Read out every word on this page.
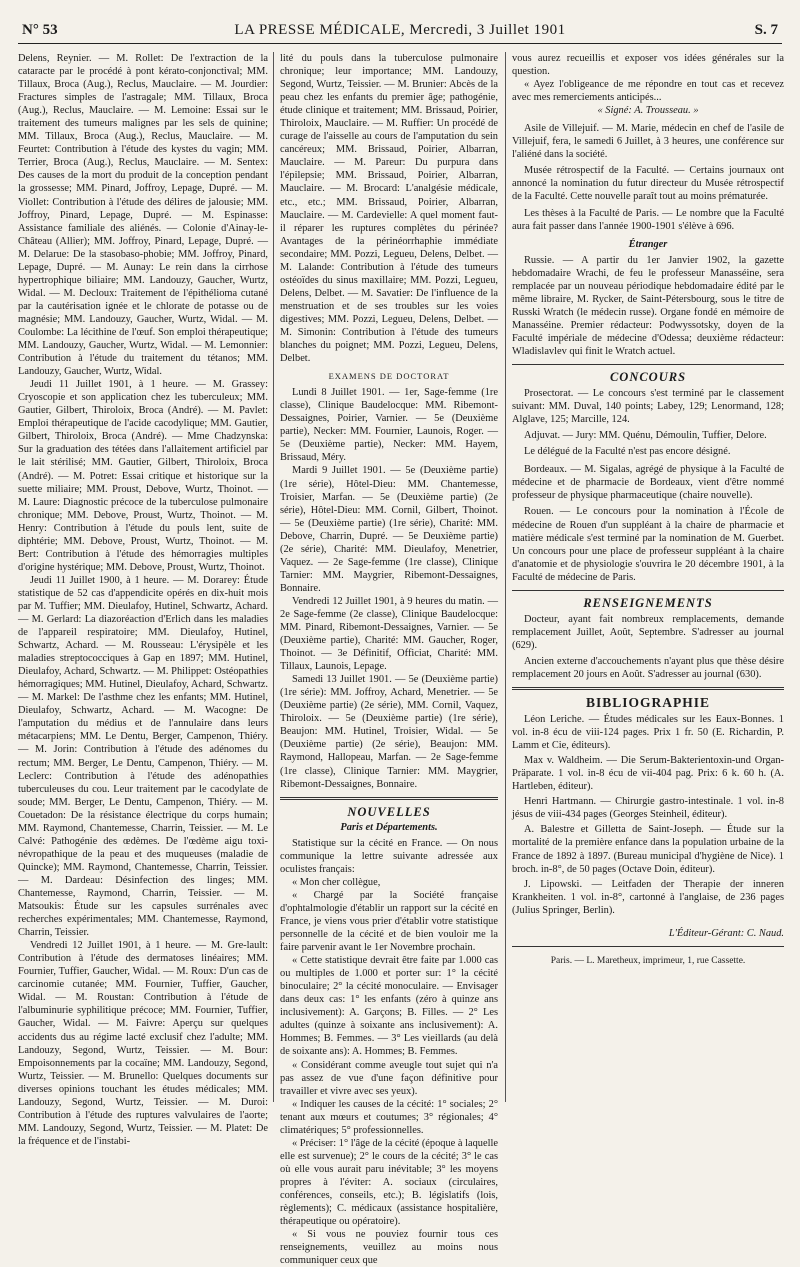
N° 53	LA PRESSE MÉDICALE, Mercredi, 3 Juillet 1901	S. 7

Delens, Reynier. — M. Rollet: De l'extraction de la cataracte par le procédé à pont kérato-conjonctival; MM. Tillaux, Broca (Aug.), Reclus, Mauclaire. — M. Jourdier: Fractures simples de l'astragale; MM. Tillaux, Broca (Aug.), Reclus, Mauclaire. — M. Lemoine: Essai sur le traitement des tumeurs malignes par les sels de quinine; MM. Tillaux, Broca (Aug.), Reclus, Mauclaire. — M. Feurtet: Contribution à l'étude des kystes du vagin; MM. Terrier, Broca (Aug.), Reclus, Mauclaire. — M. Sentex: Des causes de la mort du produit de la conception pendant la grossesse; MM. Pinard, Joffroy, Lepage, Dupré. — M. Viollet: Contribution à l'étude des délires de jalousie; MM. Joffroy, Pinard, Lepage, Dupré. — M. Espinasse: Assistance familiale des aliénés. — Colonie d'Ainay-le-Château (Allier); MM. Joffroy, Pinard, Lepage, Dupré. — M. Delarue: De la stasobaso-phobie; MM. Joffroy, Pinard, Lepage, Dupré. — M. Aunay: Le rein dans la cirrhose hypertrophique biliaire; MM. Landouzy, Gaucher, Wurtz, Widal. — M. Decloux: Traitement de l'épithélioma cutané par la cautérisation ignée et le chlorate de potasse ou de magnésie; MM. Landouzy, Gaucher, Wurtz, Widal. — M. Coulombe: La lécithine de l'œuf. Son emploi thérapeutique; MM. Landouzy, Gaucher, Wurtz, Widal. — M. Lemonnier: Contribution à l'étude du traitement du tétanos; MM. Landouzy, Gaucher, Wurtz, Widal.

Jeudi 11 Juillet 1901, à 1 heure. — M. Grassey: Cryoscopie et son application chez les tuberculeux; MM. Gautier, Gilbert, Thiroloix, Broca (André). — M. Pavlet: Emploi thérapeutique de l'acide cacodylique; MM. Gautier, Gilbert, Thiroloix, Broca (André). — Mme Chadzynska: Sur la graduation des tétées dans l'allaitement artificiel par le lait stérilisé; MM. Gautier, Gilbert, Thiroloix, Broca (André). — M. Potret: Essai critique et historique sur la suette miliaire; MM. Proust, Debove, Wurtz, Thoinot. — M. Laure: Diagnostic précoce de la tuberculose pulmonaire chronique; MM. Debove, Proust, Wurtz, Thoinot. — M. Henry: Contribution à l'étude du pouls lent, suite de diphtérie; MM. Debove, Proust, Wurtz, Thoinot. — M. Bert: Contribution à l'étude des hémorragies multiples d'origine hystérique; MM. Debove, Proust, Wurtz, Thoinot.

Jeudi 11 Juillet 1900, à 1 heure. — M. Dorarey: Étude statistique de 52 cas d'appendicite opérés en dix-huit mois par M. Tuffier; MM. Dieulafoy, Hutinel, Schwartz, Achard. — M. Gerlard: La diazoréaction d'Erlich dans les maladies de l'appareil respiratoire; MM. Dieulafoy, Hutinel, Schwartz, Achard. — M. Rousseau: L'érysipèle et les maladies streptococciques à Gap en 1897; MM. Hutinel, Dieulafoy, Achard, Schwartz. — M. Philippet: Ostéopathies hémorragiques; MM. Hutinel, Dieulafoy, Achard, Schwartz. — M. Markel: De l'asthme chez les enfants; MM. Hutinel, Dieulafoy, Schwartz, Achard. — M. Wacogne: De l'amputation du médius et de l'annulaire dans leurs métacarpiens; MM. Le Dentu, Berger, Campenon, Thiéry. — M. Jorin: Contribution à l'étude des adénomes du rectum; MM. Berger, Le Dentu, Campenon, Thiéry. — M. Leclerc: Contribution à l'étude des adénopathies tuberculeuses du cou. Leur traitement par le cacodylate de soude; MM. Berger, Le Dentu, Campenon, Thiéry. — M. Couetadon: De la résistance électrique du corps humain; MM. Raymond, Chantemesse, Charrin, Teissier. — M. Le Calvé: Pathogénie des œdèmes. De l'œdème aigu toxi-névropathique de la peau et des muqueuses (maladie de Quincke); MM. Raymond, Chantemesse, Charrin, Teissier. — M. Dardeau: Désinfection des linges; MM. Chantemesse, Raymond, Charrin, Teissier. — M. Matsoukis: Étude sur les capsules surrénales avec recherches expérimentales; MM. Chantemesse, Raymond, Charrin, Teissier.

Vendredi 12 Juillet 1901, à 1 heure. — M. Gre-lault: Contribution à l'étude des dermatoses linéaires; MM. Fournier, Tuffier, Gaucher, Widal. — M. Roux: D'un cas de carcinomie cutanée; MM. Fournier, Tuffier, Gaucher, Widal. — M. Roustan: Contribution à l'étude de l'albuminurie syphilitique précoce; MM. Fournier, Tuffier, Gaucher, Widal. — M. Faivre: Aperçu sur quelques accidents dus au régime lacté exclusif chez l'adulte; MM. Landouzy, Segond, Wurtz, Teissier. — M. Bour: Empoisonnements par la cocaïne; MM. Landouzy, Segond, Wurtz, Teissier. — M. Brunello: Quelques documents sur diverses opinions touchant les études médicales; MM. Landouzy, Segond, Wurtz, Teissier. — M. Duroi: Contribution à l'étude des ruptures valvulaires de l'aorte; MM. Landouzy, Segond, Wurtz, Teissier. — M. Platet: De la fréquence et de l'instabi-

lité du pouls dans la tuberculose pulmonaire chronique; leur importance; MM. Landouzy, Segond, Wurtz, Teissier. — M. Brunier: Abcès de la peau chez les enfants du premier âge; pathogénie, étude clinique et traitement; MM. Brissaud, Poirier, Thiroloix, Mauclaire. — M. Ruffier: Un procédé de curage de l'aisselle au cours de l'amputation du sein cancéreux; MM. Brissaud, Poirier, Albarran, Mauclaire. — M. Pareur: Du purpura dans l'épilepsie; MM. Brissaud, Poirier, Albarran, Mauclaire. — M. Brocard: L'analgésie médicale, etc., etc.; MM. Brissaud, Poirier, Albarran, Mauclaire. — M. Cardevielle: A quel moment faut-il réparer les ruptures complètes du périnée? Avantages de la périnéorrhaphie immédiate secondaire; MM. Pozzi, Legueu, Delens, Delbet. — M. Lalande: Contribution à l'étude des tumeurs ostéoïdes du sinus maxillaire; MM. Pozzi, Legueu, Delens, Delbet. — M. Savatier: De l'influence de la menstruation et de ses troubles sur les voies digestives; MM. Pozzi, Legueu, Delens, Delbet. — M. Simonin: Contribution à l'étude des tumeurs blanches du poignet; MM. Pozzi, Legueu, Delens, Delbet.

EXAMENS DE DOCTORAT

Lundi 8 Juillet 1901. — 1er, Sage-femme (1re classe), Clinique Baudelocque: MM. Ribemont-Dessaignes, Poirier, Varnier. — 5e (Deuxième partie), Necker: MM. Fournier, Launois, Roger. — 5e (Deuxième partie), Necker: MM. Hayem, Brissaud, Méry.

Mardi 9 Juillet 1901. — 5e (Deuxième partie) (1re série), Hôtel-Dieu: MM. Chantemesse, Troisier, Marfan. — 5e (Deuxième partie) (2e série), Hôtel-Dieu: MM. Cornil, Gilbert, Thoinot. — 5e (Deuxième partie) (1re série), Charité: MM. Debove, Charrin, Dupré. — 5e Deuxième partie) (2e série), Charité: MM. Dieulafoy, Menetrier, Vaquez. — 2e Sage-femme (1re classe), Clinique Tarnier: MM. Maygrier, Ribemont-Dessaignes, Bonnaire.

Vendredi 12 Juillet 1901, à 9 heures du matin. — 2e Sage-femme (2e classe), Clinique Baudelocque: MM. Pinard, Ribemont-Dessaignes, Varnier. — 5e (Deuxième partie), Charité: MM. Gaucher, Roger, Thoinot. — 3e Définitif, Officiat, Charité: MM. Tillaux, Launois, Lepage.

Samedi 13 Juillet 1901. — 5e (Deuxième partie) (1re série): MM. Joffroy, Achard, Menetrier. — 5e (Deuxième partie) (2e série), MM. Cornil, Vaquez, Thiroloix. — 5e (Deuxième partie) (1re série), Beaujon: MM. Hutinel, Troisier, Widal. — 5e (Deuxième partie) (2e série), Beaujon: MM. Raymond, Hallopeau, Marfan. — 2e Sage-femme (1re classe), Clinique Tarnier: MM. Maygrier, Ribemont-Dessaignes, Bonnaire.

NOUVELLES
Paris et Départements.

Statistique sur la cécité en France. — On nous communique la lettre suivante adressée aux oculistes français:

« Mon cher collègue,

« Chargé par la Société française d'ophtalmologie d'établir un rapport sur la cécité en France, je viens vous prier d'établir votre statistique personnelle de la cécité et de bien vouloir me la faire parvenir avant le 1er Novembre prochain.

« Cette statistique devrait être faite par 1.000 cas ou multiples de 1.000 et porter sur: 1° la cécité binoculaire; 2° la cécité monoculaire. — Envisager dans deux cas: 1° les enfants (zéro à quinze ans inclusivement): A. Garçons; B. Filles. — 2° Les adultes (quinze à soixante ans inclusivement): A. Hommes; B. Femmes. — 3° Les vieillards (au delà de soixante ans): A. Hommes; B. Femmes.

« Considérant comme aveugle tout sujet qui n'a pas assez de vue d'une façon définitive pour travailler et vivre avec ses yeux).

« Indiquer les causes de la cécité: 1° sociales; 2° tenant aux mœurs et coutumes; 3° régionales; 4° climatériques; 5° professionnelles.

« Préciser: 1° l'âge de la cécité (époque à laquelle elle est survenue); 2° le cours de la cécité; 3° le cas où elle vous aurait paru inévitable; 3° les moyens propres à l'éviter: A. sociaux (circulaires, conférences, conseils, etc.); B. législatifs (lois, règlements); C. médicaux (assistance hospitalière, thérapeutique ou opératoire).

« Si vous ne pouviez fournir tous ces renseignements, veuillez au moins nous communiquer ceux que

vous aurez recueillis et exposer vos idées générales sur la question.

« Ayez l'obligeance de me répondre en tout cas et recevez avec mes remerciements anticipés...

« Signé: A. Trousseau. »

Asile de Villejuif. — M. Marie, médecin en chef de l'asile de Villejuif, fera, le samedi 6 Juillet, à 3 heures, une conférence sur l'aliéné dans la société.

Musée rétrospectif de la Faculté. — Certains journaux ont annoncé la nomination du futur directeur du Musée rétrospectif de la Faculté. Cette nouvelle paraît tout au moins prématurée.

Les thèses à la Faculté de Paris. — Le nombre que la Faculté aura fait passer dans l'année 1900-1901 s'élève à 696.

Étranger

Russie. — A partir du 1er Janvier 1902, la gazette hebdomadaire Wrachi, de feu le professeur Manasséine, sera remplacée par un nouveau périodique hebdomadaire édité par le même libraire, M. Rycker, de Saint-Pétersbourg, sous le titre de Russki Wratch (le médecin russe). Organe fondé en mémoire de Manasséine. Premier rédacteur: Podwyssotsky, doyen de la Faculté impériale de médecine d'Odessa; deuxième rédacteur: Wladislavlev qui finit le Wratch actuel.

CONCOURS

Prosectorat. — Le concours s'est terminé par le classement suivant: MM. Duval, 140 points; Labey, 129; Lenormand, 128; Alglave, 125; Marcille, 124.

Adjuvat. — Jury: MM. Quénu, Démoulin, Tuffier, Delore.

Le délégué de la Faculté n'est pas encore désigné.

Bordeaux. — M. Sigalas, agrégé de physique à la Faculté de médecine et de pharmacie de Bordeaux, vient d'être nommé professeur de physique pharmaceutique (chaire nouvelle).

Rouen. — Le concours pour la nomination à l'École de médecine de Rouen d'un suppléant à la chaire de pharmacie et matière médicale s'est terminé par la nomination de M. Guerbet. Un concours pour une place de professeur suppléant à la chaire d'anatomie et de physiologie s'ouvrira le 20 décembre 1901, à la Faculté de médecine de Paris.

RENSEIGNEMENTS

Docteur, ayant fait nombreux remplacements, demande remplacement Juillet, Août, Septembre. S'adresser au journal (629).

Ancien externe d'accouchements n'ayant plus que thèse désire remplacement 20 jours en Août. S'adresser au journal (630).

BIBLIOGRAPHIE

Léon Leriche. — Études médicales sur les Eaux-Bonnes. 1 vol. in-8 écu de viii-124 pages. Prix 1 fr. 50 (E. Richardin, P. Lamm et Cie, éditeurs).

Max v. Waldheim. — Die Serum-Bakterientoxin-und Organ-Präparate. 1 vol. in-8 écu de vii-404 pag. Prix: 6 k. 60 h. (A. Hartleben, éditeur).

Henri Hartmann. — Chirurgie gastro-intestinale. 1 vol. in-8 jésus de viii-434 pages (Georges Steinheil, éditeur).

A. Balestre et Gilletta de Saint-Joseph. — Étude sur la mortalité de la première enfance dans la population urbaine de la France de 1892 à 1897. (Bureau municipal d'hygiène de Nice). 1 broch. in-8°, de 50 pages (Octave Doin, éditeur).

J. Lipowski. — Leitfaden der Therapie der inneren Krankheiten. 1 vol. in-8°, cartonné à l'anglaise, de 236 pages (Julius Springer, Berlin).

L'Éditeur-Gérant: C. Naud.
Paris. — L. Maretheux, imprimeur, 1, rue Cassette.
